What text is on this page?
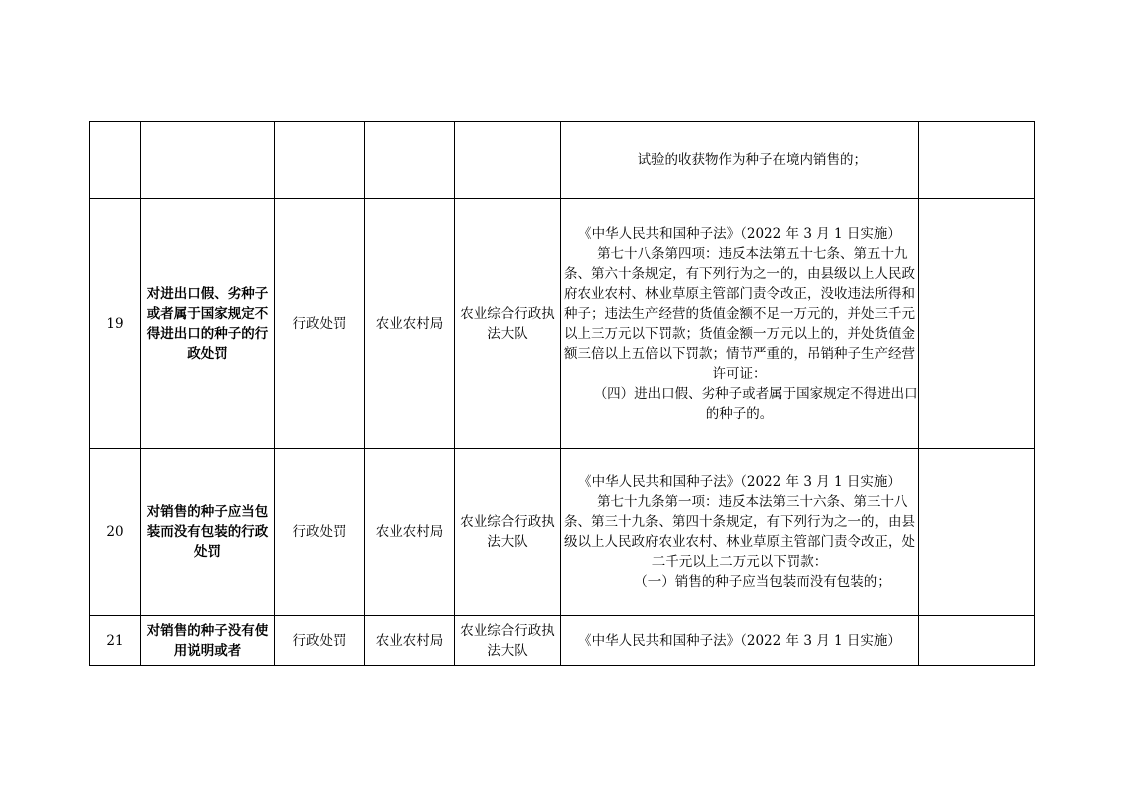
					试验的收获物作为种子在境内销售的；	

19	对进出口假、劣种子或者属于国家规定不得进出口的种子的行政处罚	行政处罚	农业农村局	农业综合行政执法大队	《中华人民共和国种子法》（2022 年 3 月 1 日实施）

第七十八条第四项：违反本法第五十七条、第五十九条、第六十条规定，有下列行为之一的，由县级以上人民政府农业农村、林业草原主管部门责令改正，没收违法所得和种子；违法生产经营的货值金额不足一万元的，并处三千元以上三万元以下罚款；货值金额一万元以上的，并处货值金额三倍以上五倍以下罚款；情节严重的，吊销种子生产经营许可证：

（四）进出口假、劣种子或者属于国家规定不得进出口的种子的。	

20	对销售的种子应当包装而没有包装的行政处罚	行政处罚	农业农村局	农业综合行政执法大队	《中华人民共和国种子法》（2022 年 3 月 1 日实施）

第七十九条第一项：违反本法第三十六条、第三十八条、第三十九条、第四十条规定，有下列行为之一的，由县级以上人民政府农业农村、林业草原主管部门责令改正，处二千元以上二万元以下罚款：

（一）销售的种子应当包装而没有包装的；	

21	对销售的种子没有使用说明或者	行政处罚	农业农村局	农业综合行政执法大队	《中华人民共和国种子法》（2022 年 3 月 1 日实施）	
